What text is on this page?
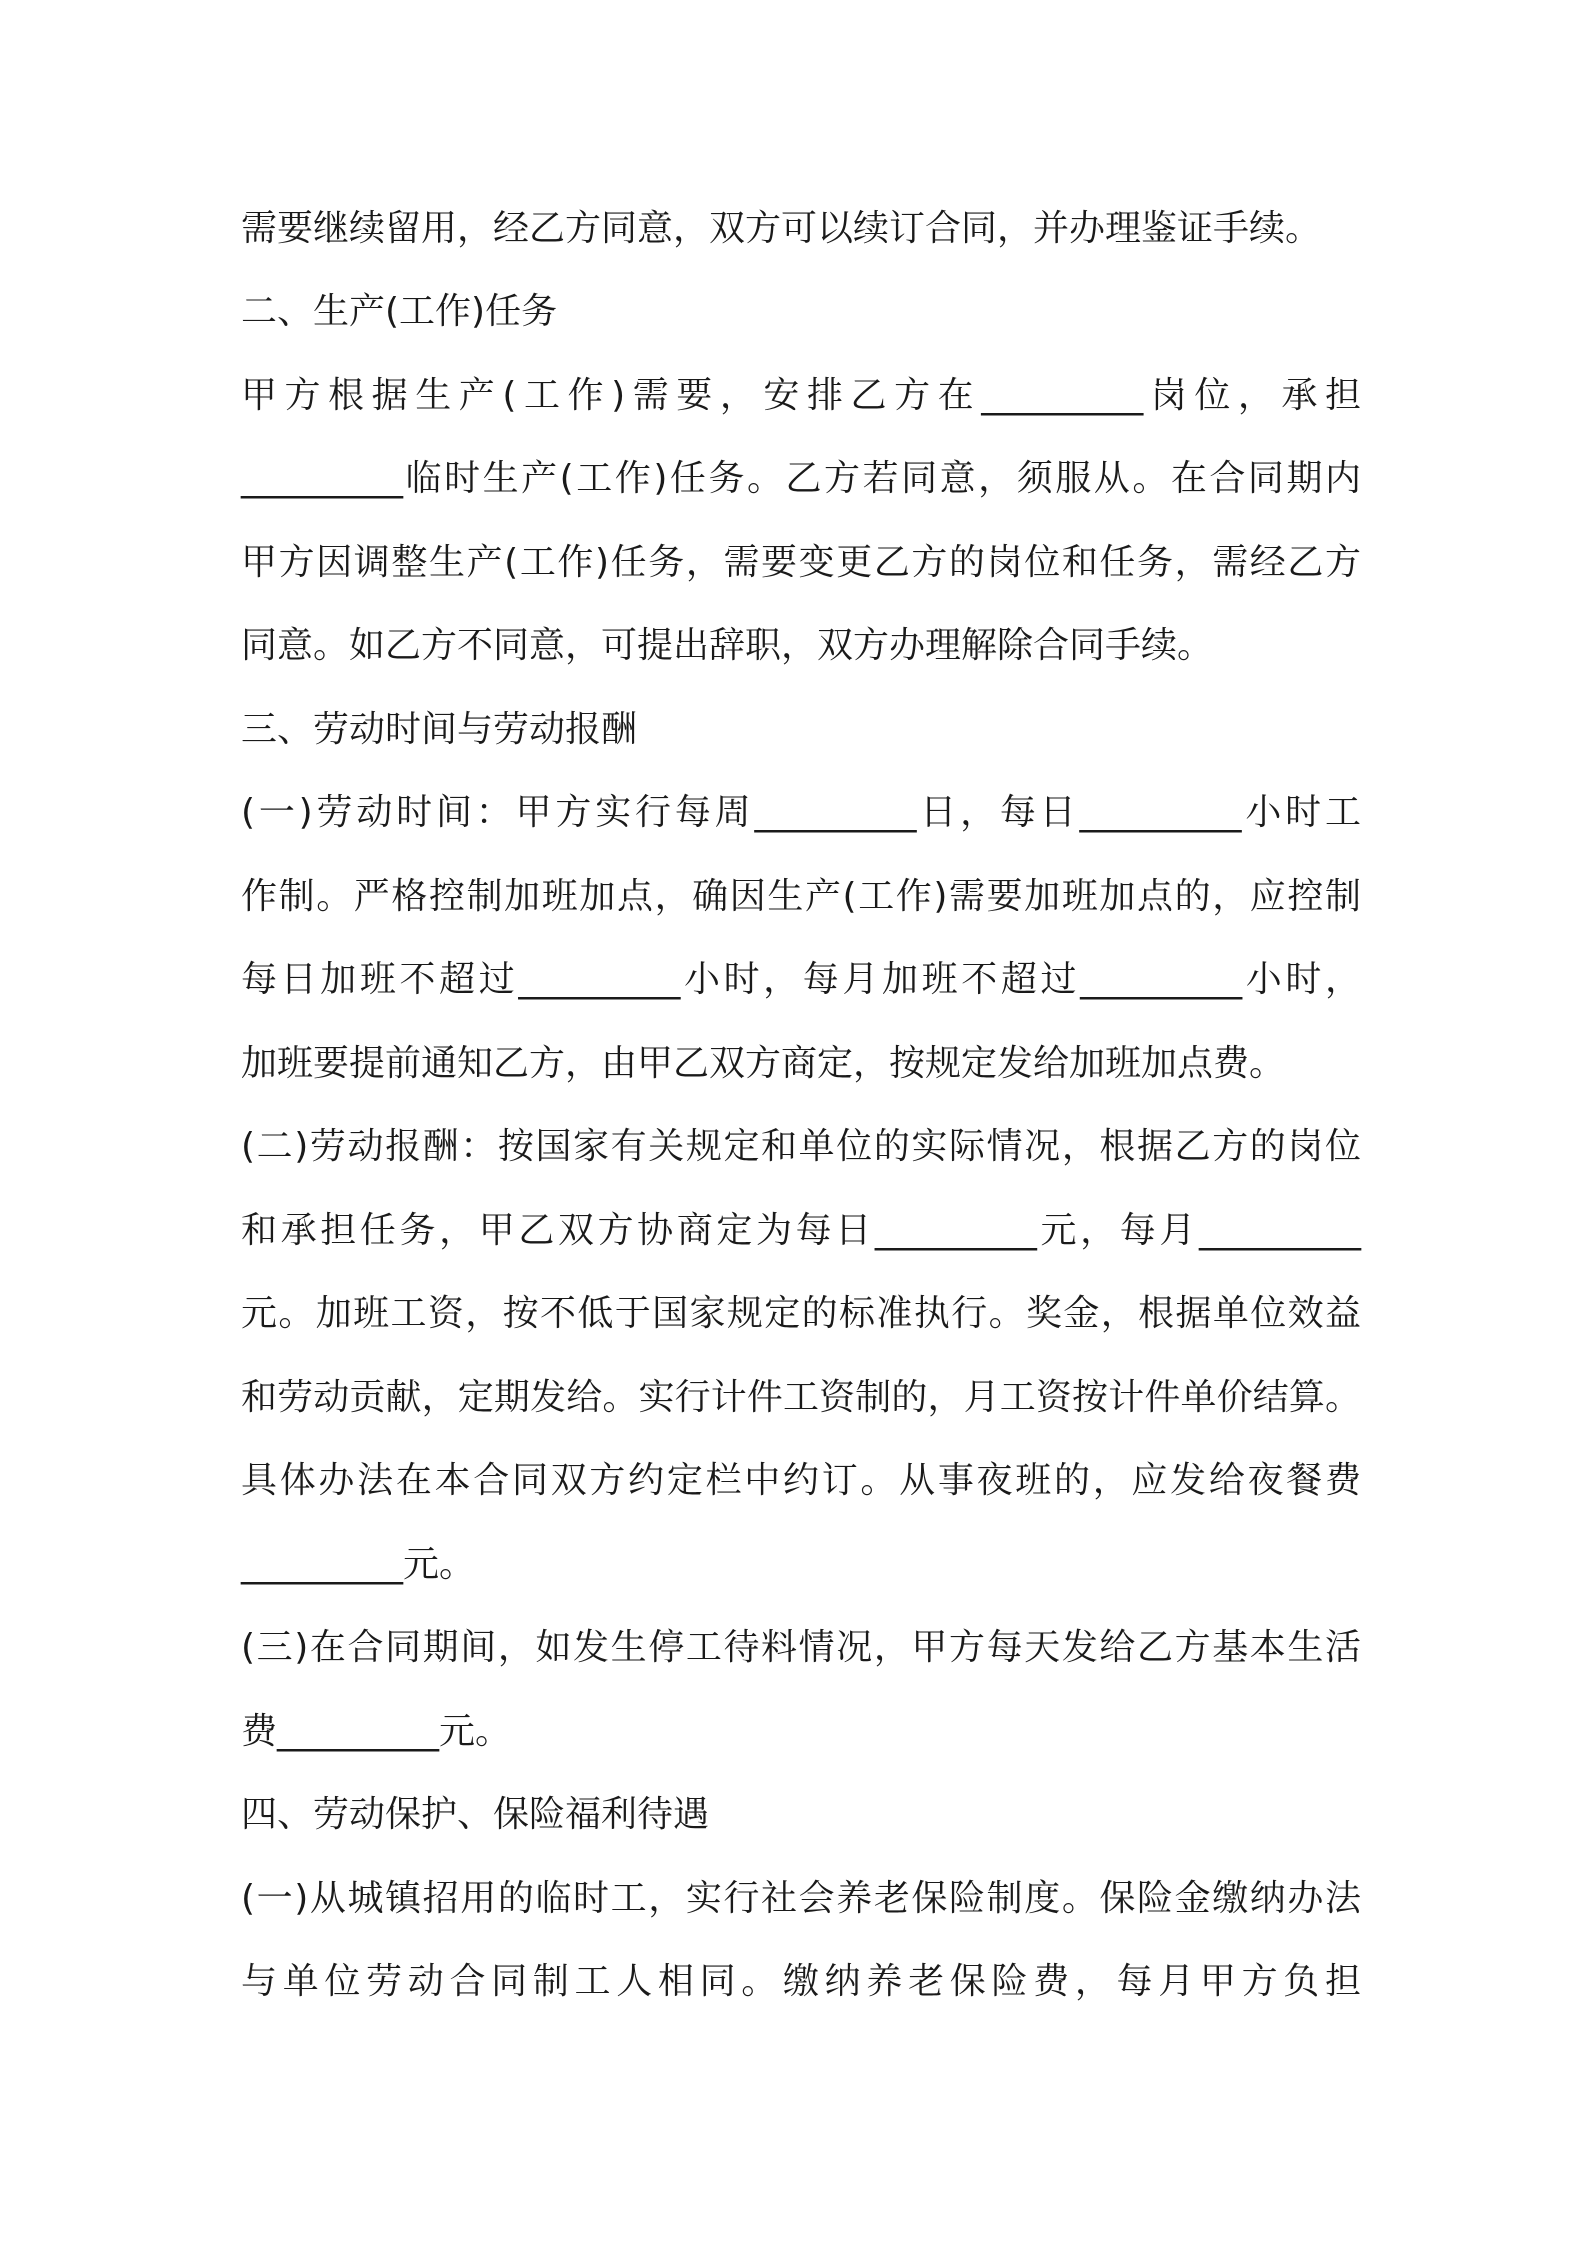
需要继续留用，经乙方同意，双方可以续订合同，并办理鉴证手续。
二、生产(工作)任务
甲方根据生产(工作)需要，安排乙方在_________岗位，承担
_________临时生产(工作)任务。乙方若同意，须服从。在合同期内
甲方因调整生产(工作)任务，需要变更乙方的岗位和任务，需经乙方
同意。如乙方不同意，可提出辞职，双方办理解除合同手续。
三、劳动时间与劳动报酬
(一)劳动时间：甲方实行每周_________日，每日_________小时工
作制。严格控制加班加点，确因生产(工作)需要加班加点的，应控制
每日加班不超过_________小时，每月加班不超过_________小时，
加班要提前通知乙方，由甲乙双方商定，按规定发给加班加点费。
(二)劳动报酬：按国家有关规定和单位的实际情况，根据乙方的岗位
和承担任务，甲乙双方协商定为每日_________元，每月_________
元。加班工资，按不低于国家规定的标准执行。奖金，根据单位效益
和劳动贡献，定期发给。实行计件工资制的，月工资按计件单价结算。
具体办法在本合同双方约定栏中约订。从事夜班的，应发给夜餐费
_________元。
(三)在合同期间，如发生停工待料情况，甲方每天发给乙方基本生活
费_________元。
四、劳动保护、保险福利待遇
(一)从城镇招用的临时工，实行社会养老保险制度。保险金缴纳办法
与单位劳动合同制工人相同。缴纳养老保险费，每月甲方负担
